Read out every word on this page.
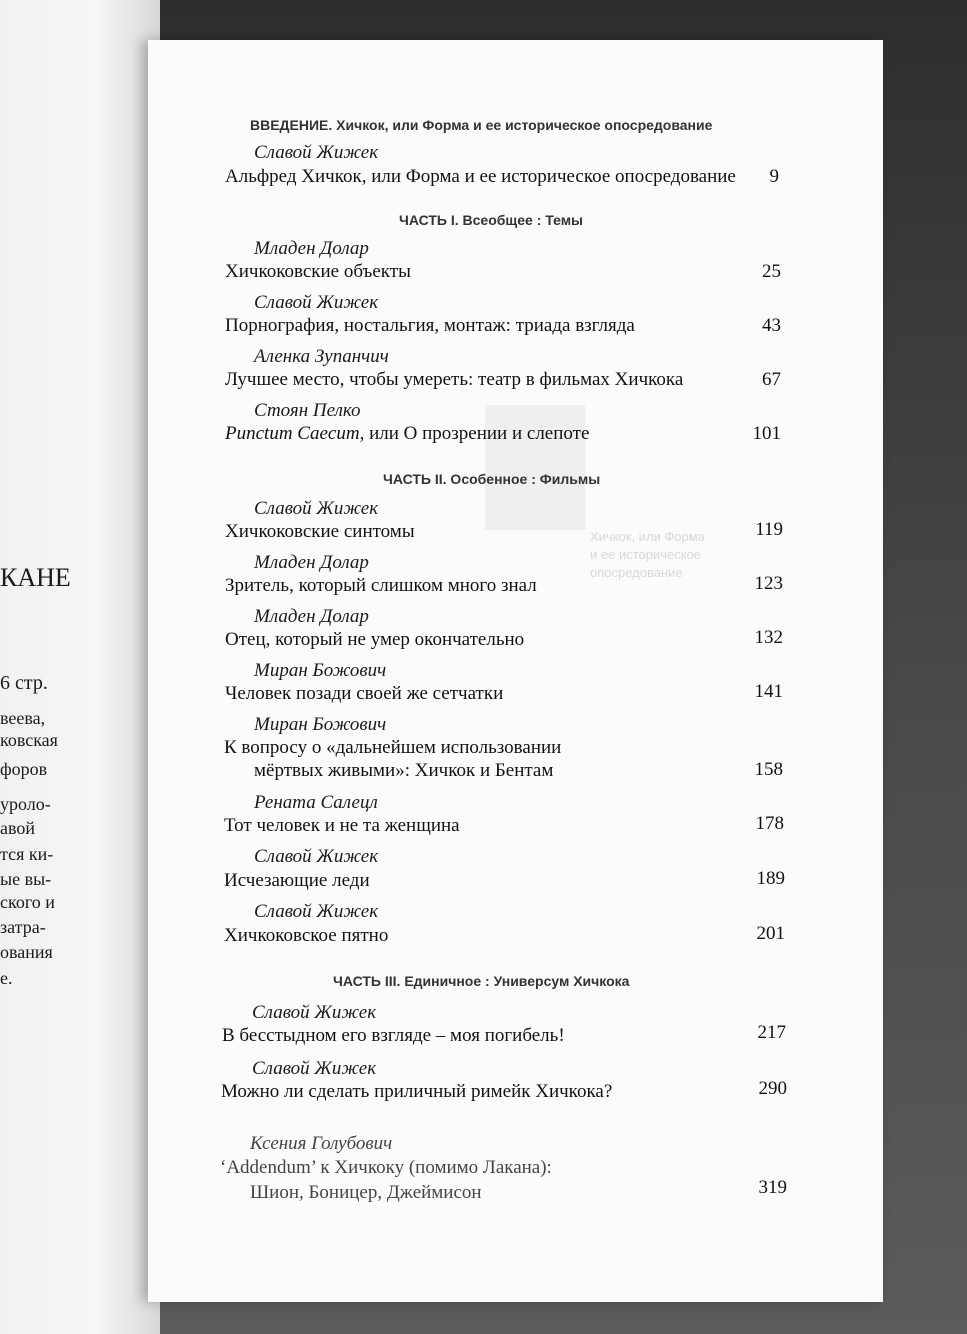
КАНЕ
6 стр.
веева,
ковская
форов
уроло-
авой
тся ки-
ые вы-
ского и
затра-
ования
е.
Хичкок, или Форма
и ее историческое
опосредование
ВВЕДЕНИЕ. Хичкок, или Форма и ее историческое опосредование
Славой Жижек
Альфред Хичкок, или Форма и ее историческое опосредование	9
ЧАСТЬ I. Всеобщее : Темы
Младен Долар
Хичкоковские объекты	25
Славой Жижек
Порнография, ностальгия, монтаж: триада взгляда	43
Аленка Зупанчич
Лучшее место, чтобы умереть: театр в фильмах Хичкока	67
Стоян Пелко
Punctum Caecum, или О прозрении и слепоте	101
ЧАСТЬ II. Особенное : Фильмы
Славой Жижек
Хичкоковские синтомы	119
Младен Долар
Зритель, который слишком много знал	123
Младен Долар
Отец, который не умер окончательно	132
Миран Божович
Человек позади своей же сетчатки	141
Миран Божович
К вопросу о «дальнейшем использовании
мёртвых живыми»: Хичкок и Бентам	158
Рената Салецл
Тот человек и не та женщина	178
Славой Жижек
Исчезающие леди	189
Славой Жижек
Хичкоковское пятно	201
ЧАСТЬ III. Единичное : Универсум Хичкока
Славой Жижек
В бесстыдном его взгляде – моя погибель!	217
Славой Жижек
Можно ли сделать приличный римейк Хичкока?	290
Ксения Голубович
‘Addendum’ к Хичкоку (помимо Лакана):
Шион, Боницер, Джеймисон	319
